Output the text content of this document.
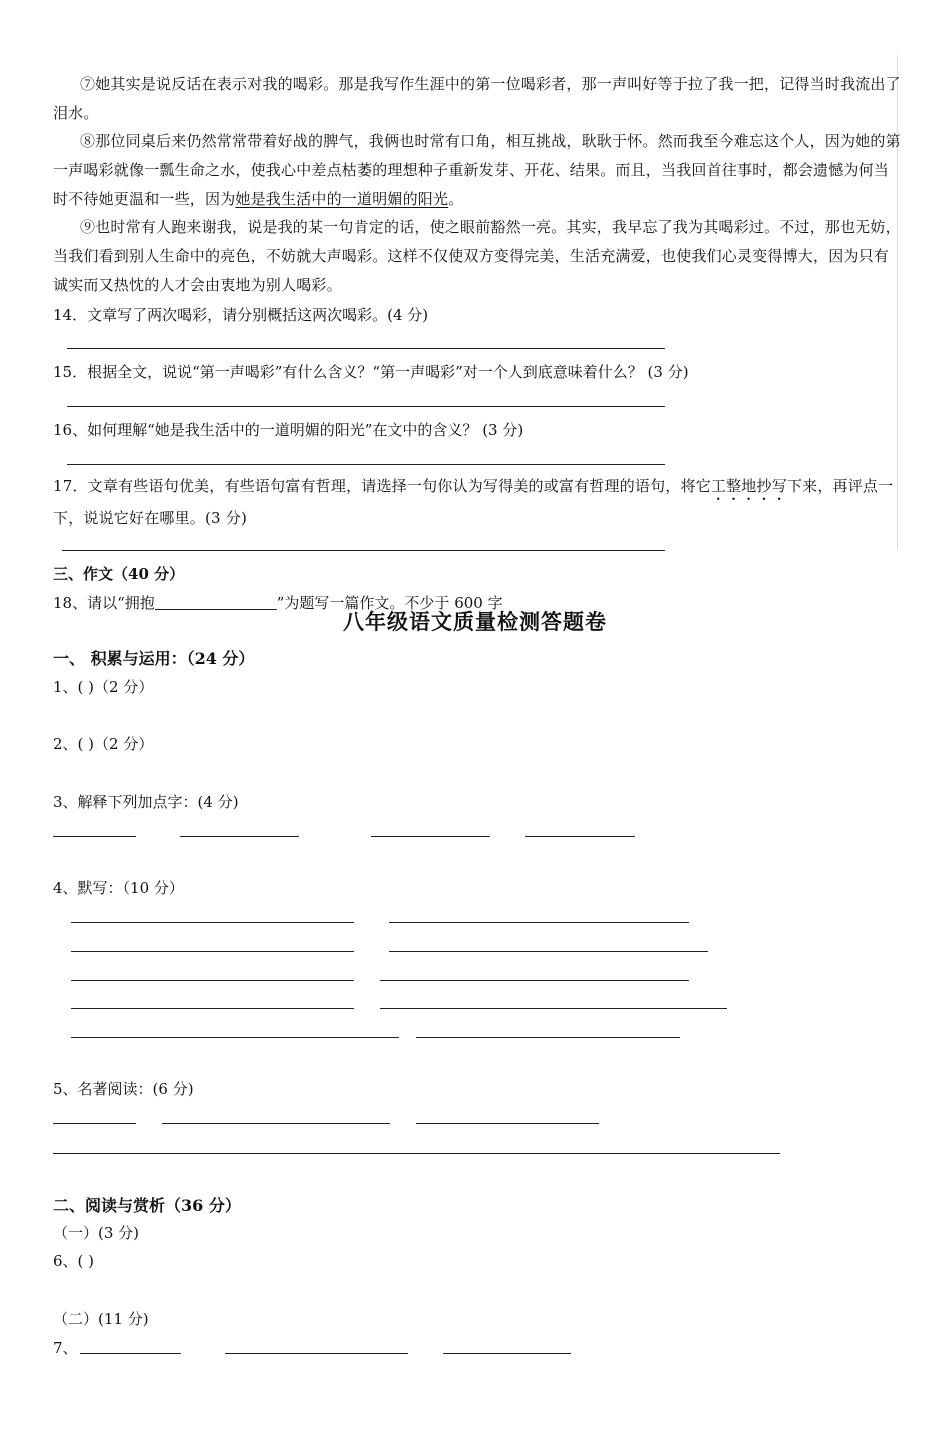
⑦她其实是说反话在表示对我的喝彩。那是我写作生涯中的第一位喝彩者，那一声叫好等于拉了我一把，记得当时我流出了泪水。
⑧那位同桌后来仍然常常带着好战的脾气，我俩也时常有口角，相互挑战，耿耿于怀。然而我至今难忘这个人，因为她的第一声喝彩就像一瓢生命之水，使我心中差点枯萎的理想种子重新发芽、开花、结果。而且，当我回首往事时，都会遗憾为何当时不待她更温和一些，因为她是我生活中的一道明媚的阳光。
⑨也时常有人跑来谢我，说是我的某一句肯定的话，使之眼前豁然一亮。其实，我早忘了我为其喝彩过。不过，那也无妨，当我们看到别人生命中的亮色，不妨就大声喝彩。这样不仅使双方变得完美，生活充满爱，也使我们心灵变得博大，因为只有诚实而又热忱的人才会由衷地为别人喝彩。
14．文章写了两次喝彩，请分别概括这两次喝彩。(4 分)
15．根据全文，说说“第一声喝彩”有什么含义？“第一声喝彩”对一个人到底意味着什么？ (3 分)
16、如何理解“她是我生活中的一道明媚的阳光”在文中的含义？ (3 分)
17．文章有些语句优美，有些语句富有哲理，请选择一句你认为写得美的或富有哲理的语句，将它工整地抄写下来，再评点一下，说说它好在哪里。(3 分)
三、作文（40 分）
18、请以“拥抱	”为题写一篇作文。不少于 600 字
八年级语文质量检测答题卷
一、 积累与运用：（24 分）
1、( )（2 分）
2、( )（2 分）
3、解释下列加点字：(4 分)
4、默写：（10 分）
5、名著阅读：(6 分)
二、阅读与赏析（36 分）
（一）(3 分)
6、( )
（二）(11 分)
7、
